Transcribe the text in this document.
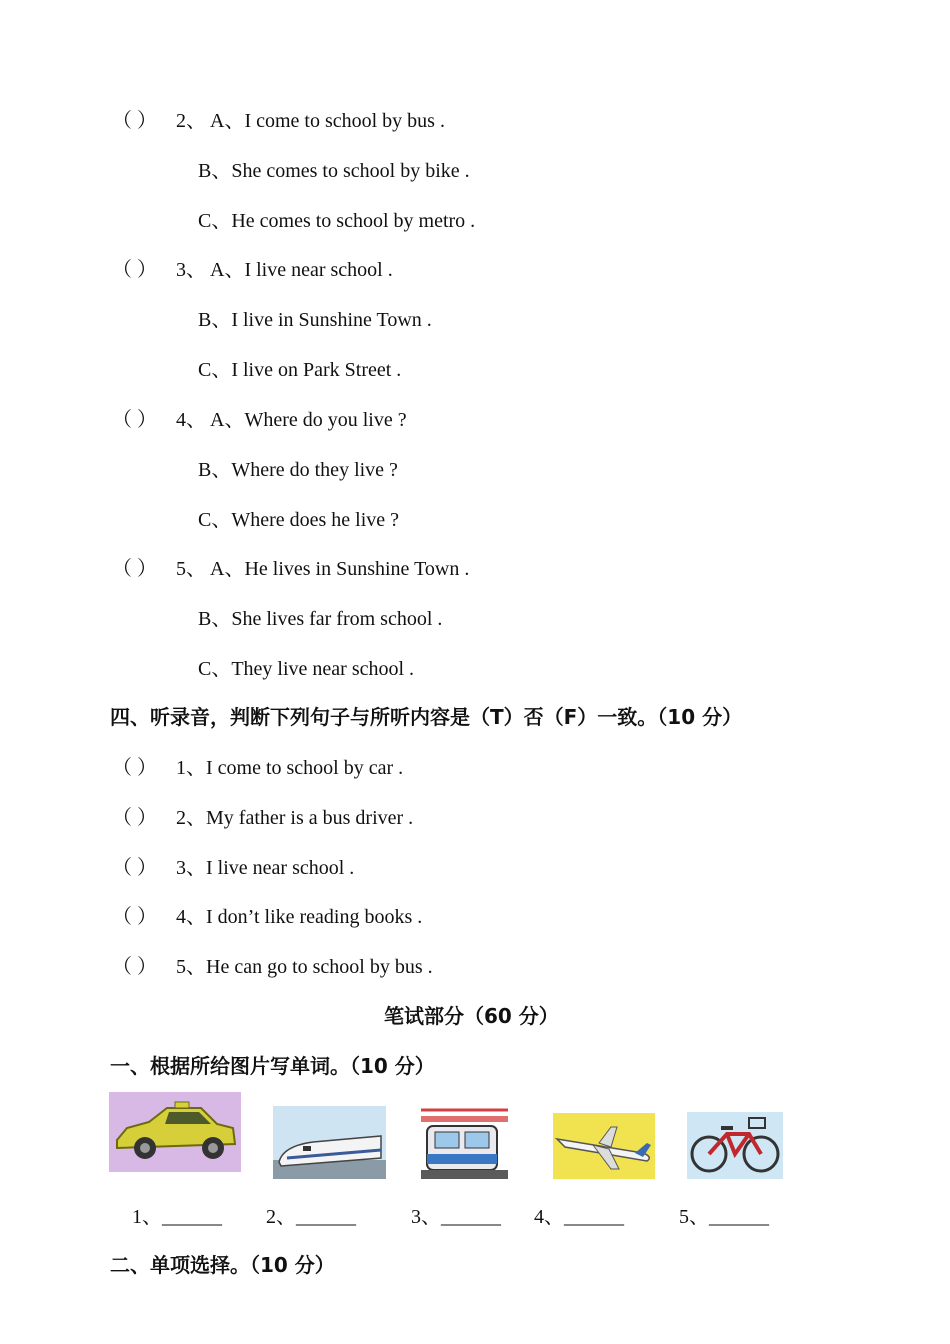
（ ） 2、 A、I come to school by bus .
B、She comes to school by bike .
C、He comes to school by metro .
（ ） 3、 A、I live near school .
B、I live in Sunshine Town .
C、I live on Park Street .
（ ） 4、 A、Where do you live ?
B、Where do they live ?
C、Where does he live ?
（ ） 5、 A、He lives in Sunshine Town .
B、She lives far from school .
C、They live near school .
四、听录音，判断下列句子与所听内容是（T）否（F）一致。（10 分）
（ ） 1、I come to school by car .
（ ） 2、My father is a bus driver .
（ ） 3、I live near school .
（ ） 4、I don’t like reading books .
（ ） 5、He can go to school by bus .
笔试部分（60 分）
一、根据所给图片写单词。（10 分）
1、______ 2、______	3、______ 4、______	5、______
二、单项选择。（10 分）
